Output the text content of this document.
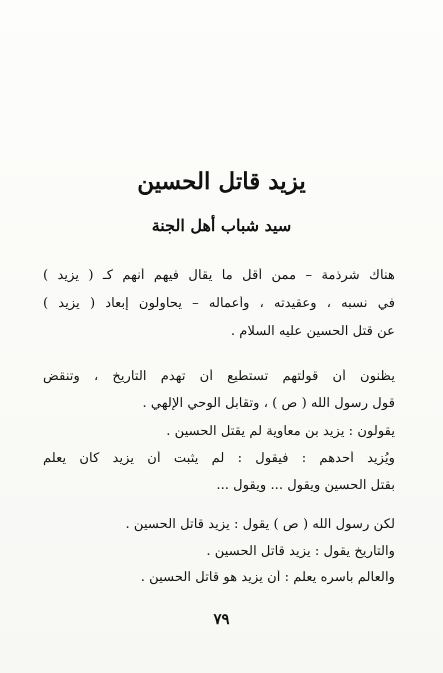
يزيد قاتل الحسين
سيد شباب أهل الجنة
هناك شرذمة – ممن أقل ما يقال فيهم أنهم كـ ( يزيد )
في نسبه ، وعقيدته ، وأعماله – يحاولون إبعاد ( يزيد )
عن قتل الحسين عليه السلام .
يظنون أن قولتهم تستطيع أن تهدم التاريخ ، وتنقض
قول رسول الله ( ص ) ، وتقابل الوحي الإلهي .
يقولون : يزيد بن معاوية لم يقتل الحسين .
ويُزيد أحدهم : فيقول : لم يثبت أن يزيد كان يعلم
بقتل الحسين ويقول ... ويقول ...
لكن رسول الله ( ص ) يقول : يزيد قاتل الحسين .
والتاريخ يقول : يزيد قاتل الحسين .
والعالم بأسره يعلم : أن يزيد هو قاتل الحسين .
٧٩
